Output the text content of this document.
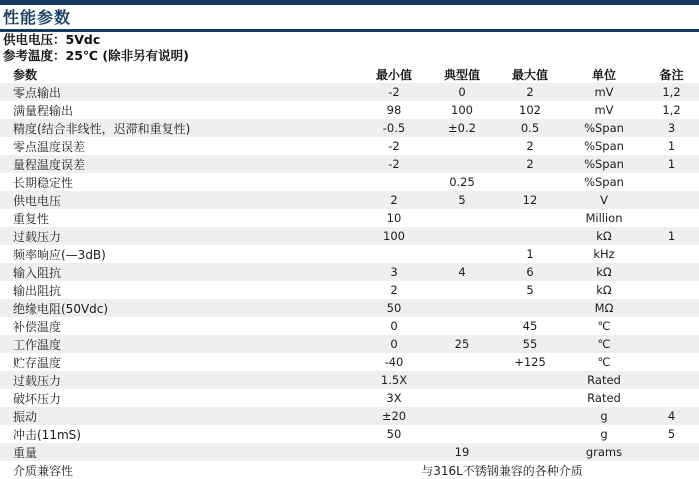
性能参数
供电电压：5Vdc
参考温度：25℃ (除非另有说明)
参数	最小值	典型值	最大值	单位	备注
零点输出	-2	0	2	mV	1,2
满量程输出	98	100	102	mV	1,2
精度(结合非线性，迟滞和重复性)	-0.5	±0.2	0.5	%Span	3
零点温度误差	-2		2	%Span	1
量程温度误差	-2		2	%Span	1
长期稳定性		0.25		%Span	
供电电压	2	5	12	V	
重复性	10			Million	
过载压力	100			kΩ	1
频率响应(—3dB)			1	kHz	
输入阻抗	3	4	6	kΩ	
输出阻抗	2		5	kΩ	
绝缘电阻(50Vdc)	50			MΩ	
补偿温度	0		45	℃	
工作温度	0	25	55	℃	
贮存温度	-40		+125	℃	
过载压力	1.5X			Rated	
破坏压力	3X			Rated	
振动	±20			g	4
冲击(11mS)	50			g	5
重量		19		grams	
介质兼容性	与316L不锈钢兼容的各种介质				
